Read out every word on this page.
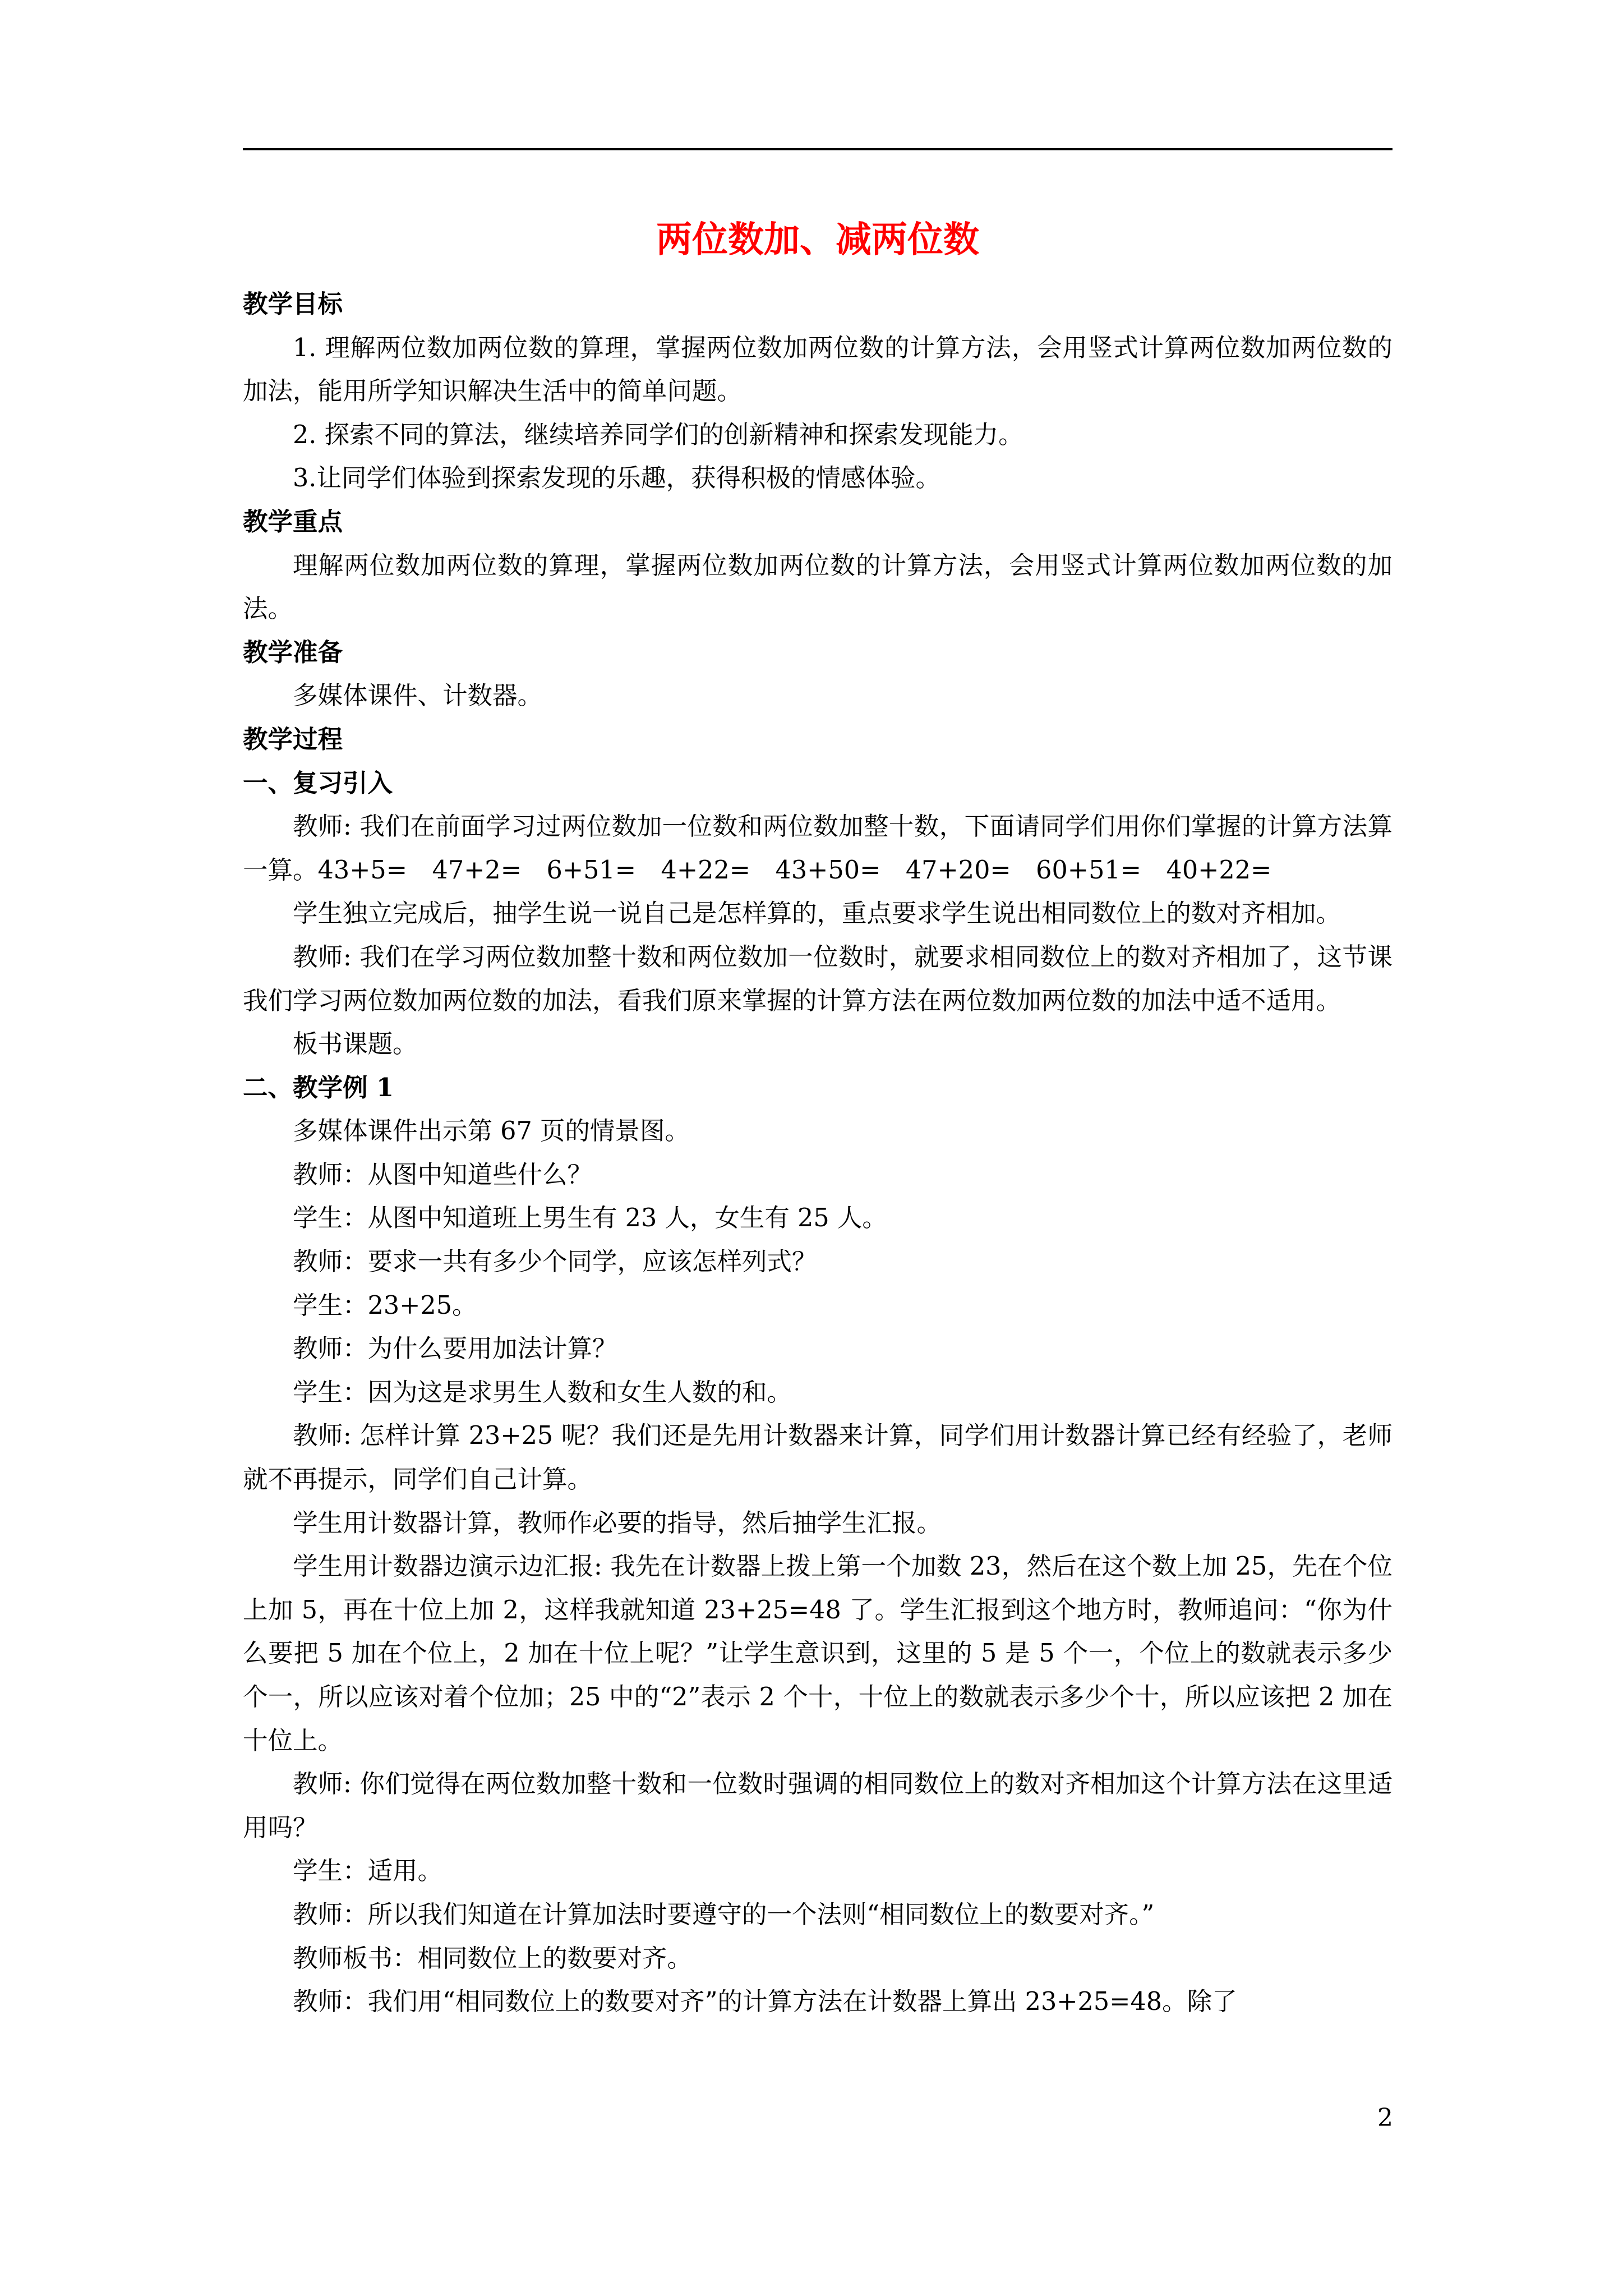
两位数加、减两位数

教学目标

1. 理解两位数加两位数的算理，掌握两位数加两位数的计算方法，会用竖式计算两位数加两位数的加法，能用所学知识解决生活中的简单问题。

2. 探索不同的算法，继续培养同学们的创新精神和探索发现能力。

3.让同学们体验到探索发现的乐趣，获得积极的情感体验。

教学重点

理解两位数加两位数的算理，掌握两位数加两位数的计算方法，会用竖式计算两位数加两位数的加法。

教学准备

多媒体课件、计数器。

教学过程

一、复习引入

教师: 我们在前面学习过两位数加一位数和两位数加整十数，下面请同学们用你们掌握的计算方法算一算。43+5=　47+2=　6+51=　4+22=　43+50=　47+20=　60+51=　40+22=

学生独立完成后，抽学生说一说自己是怎样算的，重点要求学生说出相同数位上的数对齐相加。

教师: 我们在学习两位数加整十数和两位数加一位数时，就要求相同数位上的数对齐相加了，这节课我们学习两位数加两位数的加法，看我们原来掌握的计算方法在两位数加两位数的加法中适不适用。

板书课题。

二、教学例 1

多媒体课件出示第 67 页的情景图。

教师：从图中知道些什么？

学生：从图中知道班上男生有 23 人，女生有 25 人。

教师：要求一共有多少个同学，应该怎样列式？

学生：23+25。

教师：为什么要用加法计算？

学生：因为这是求男生人数和女生人数的和。

教师: 怎样计算 23+25 呢？我们还是先用计数器来计算，同学们用计数器计算已经有经验了，老师就不再提示，同学们自己计算。

学生用计数器计算，教师作必要的指导，然后抽学生汇报。

学生用计数器边演示边汇报: 我先在计数器上拨上第一个加数 23，然后在这个数上加 25，先在个位上加 5，再在十位上加 2，这样我就知道 23+25=48 了。学生汇报到这个地方时，教师追问：“你为什么要把 5 加在个位上，2 加在十位上呢？”让学生意识到，这里的 5 是 5 个一，个位上的数就表示多少个一，所以应该对着个位加；25 中的“2”表示 2 个十，十位上的数就表示多少个十，所以应该把 2 加在十位上。

教师: 你们觉得在两位数加整十数和一位数时强调的相同数位上的数对齐相加这个计算方法在这里适用吗？

学生：适用。

教师：所以我们知道在计算加法时要遵守的一个法则“相同数位上的数要对齐。”

教师板书：相同数位上的数要对齐。

教师：我们用“相同数位上的数要对齐”的计算方法在计数器上算出 23+25=48。除了

2
